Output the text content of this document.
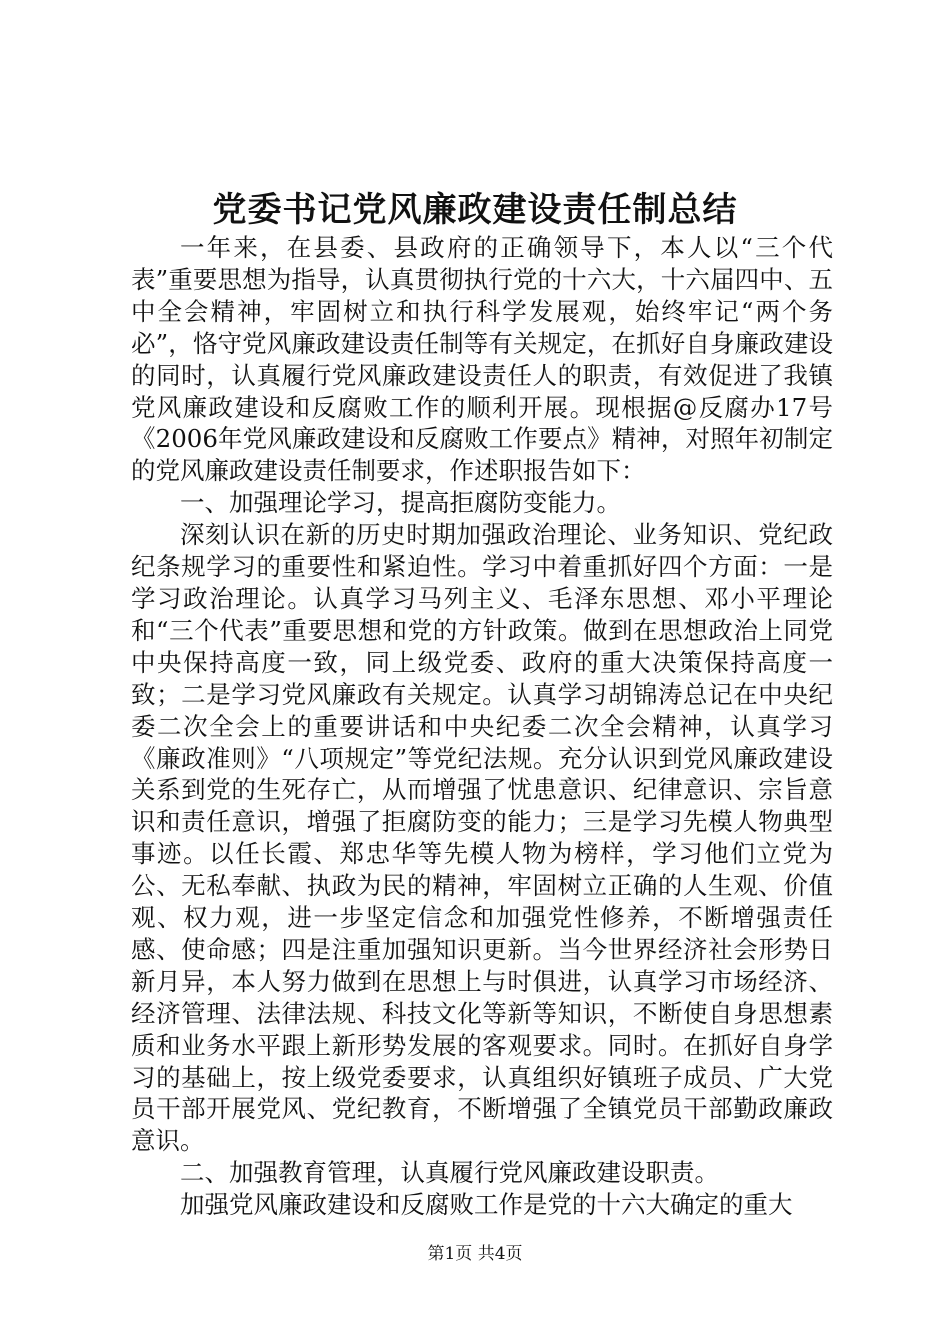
党委书记党风廉政建设责任制总结

一年来，在县委、县政府的正确领导下，本人以“三个代表”重要思想为指导，认真贯彻执行党的十六大，十六届四中、五中全会精神，牢固树立和执行科学发展观，始终牢记“两个务必”，恪守党风廉政建设责任制等有关规定，在抓好自身廉政建设的同时，认真履行党风廉政建设责任人的职责，有效促进了我镇党风廉政建设和反腐败工作的顺利开展。现根据@反腐办17号《2006年党风廉政建设和反腐败工作要点》精神，对照年初制定的党风廉政建设责任制要求，作述职报告如下：

一、加强理论学习，提高拒腐防变能力。

深刻认识在新的历史时期加强政治理论、业务知识、党纪政纪条规学习的重要性和紧迫性。学习中着重抓好四个方面：一是学习政治理论。认真学习马列主义、毛泽东思想、邓小平理论和“三个代表”重要思想和党的方针政策。做到在思想政治上同党中央保持高度一致，同上级党委、政府的重大决策保持高度一致；二是学习党风廉政有关规定。认真学习胡锦涛总记在中央纪委二次全会上的重要讲话和中央纪委二次全会精神，认真学习《廉政准则》“八项规定”等党纪法规。充分认识到党风廉政建设关系到党的生死存亡，从而增强了忧患意识、纪律意识、宗旨意识和责任意识，增强了拒腐防变的能力；三是学习先模人物典型事迹。以任长霞、郑忠华等先模人物为榜样，学习他们立党为公、无私奉献、执政为民的精神，牢固树立正确的人生观、价值观、权力观，进一步坚定信念和加强党性修养，不断增强责任感、使命感；四是注重加强知识更新。当今世界经济社会形势日新月异，本人努力做到在思想上与时俱进，认真学习市场经济、经济管理、法律法规、科技文化等新等知识，不断使自身思想素质和业务水平跟上新形势发展的客观要求。同时。在抓好自身学习的基础上，按上级党委要求，认真组织好镇班子成员、广大党员干部开展党风、党纪教育，不断增强了全镇党员干部勤政廉政意识。

二、加强教育管理，认真履行党风廉政建设职责。

加强党风廉政建设和反腐败工作是党的十六大确定的重大

第1页 共4页
